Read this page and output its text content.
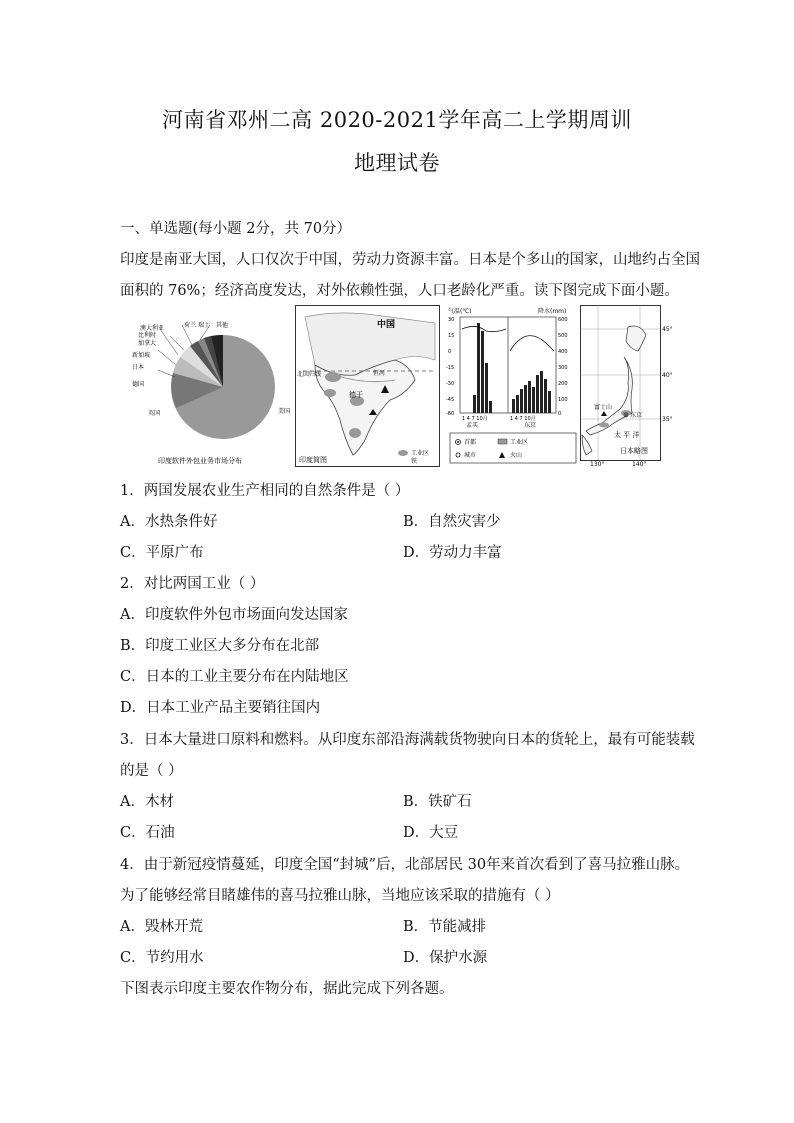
河南省邓州二高 2020-2021学年高二上学期周训
地理试卷
一、单选题(每小题 2分，共 70分）
印度是南亚大国，人口仅次于中国，劳动力资源丰富。日本是个多山的国家，山地约占全国
面积的 76%；经济高度发达，对外依赖性强，人口老龄化严重。读下图完成下面小题。
澳大利亚	荷兰 瑞士 其他
比利时
加拿大
新加坡
日本
德国
英国	美国
印度软件外包业务市场分布
中国
北回归线	恒河
德干
印度简图
工业区
铁
气温(℃)	降水(mm)
30
15
0
-15
-30
-45
-60
600
500
400
300
200
100
0
1 4 7 10月	1 4 7 10月
孟买	东京
首都	工业区
城市	火山
富士山
东京
太 平 洋
45°
40°
35°
日本略图
130°	140°
1．两国发展农业生产相同的自然条件是（ ）
A．水热条件好	B．自然灾害少
C．平原广布	D．劳动力丰富
2．对比两国工业（ ）
A．印度软件外包市场面向发达国家
B．印度工业区大多分布在北部
C．日本的工业主要分布在内陆地区
D．日本工业产品主要销往国内
3．日本大量进口原料和燃料。从印度东部沿海满载货物驶向日本的货轮上，最有可能装载
的是（ ）
A．木材	B．铁矿石
C．石油	D．大豆
4．由于新冠疫情蔓延，印度全国“封城”后，北部居民 30年来首次看到了喜马拉雅山脉。
为了能够经常目睹雄伟的喜马拉雅山脉，当地应该采取的措施有（ ）
A．毁林开荒	B．节能减排
C．节约用水	D．保护水源
下图表示印度主要农作物分布，据此完成下列各题。
